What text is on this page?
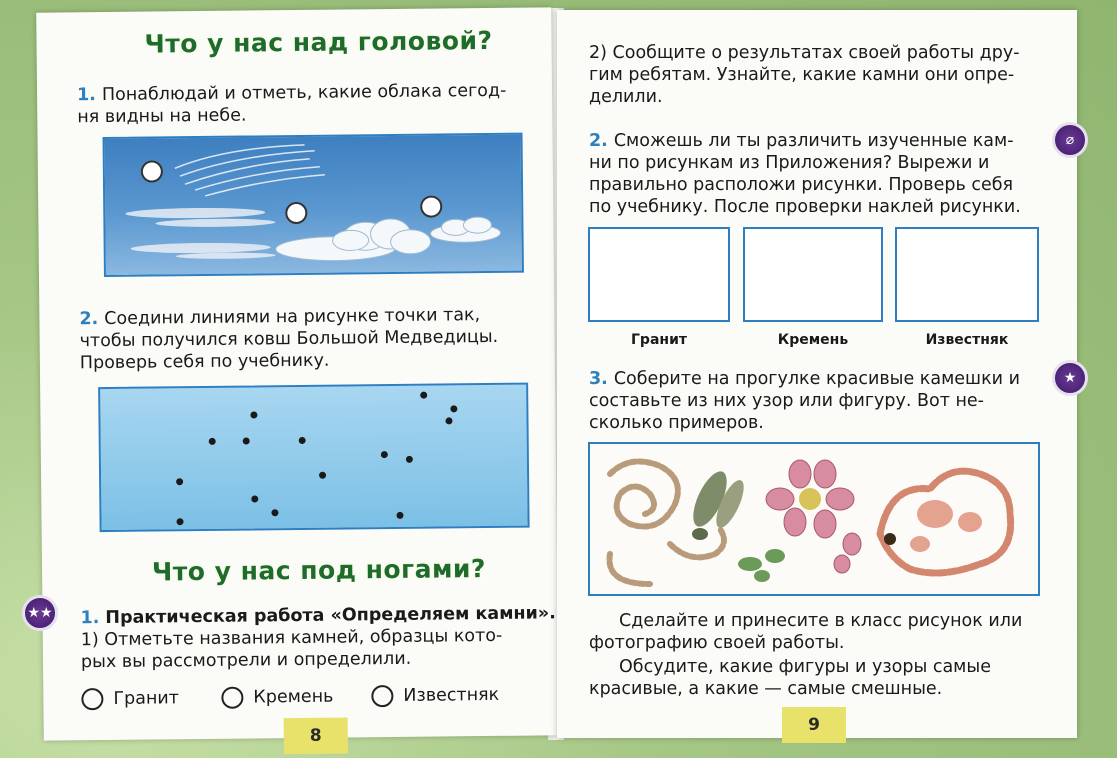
Что у нас над головой?
1. Понаблюдай и отметь, какие облака сегод-
ня видны на небе.
2. Соедини линиями на рисунке точки так,
чтобы получился ковш Большой Медведицы.
Проверь себя по учебнику.
Что у нас под ногами?
1. Практическая работа «Определяем камни».
1) Отметьте названия камней, образцы кото-
рых вы рассмотрели и определили.
Гранит	Кремень	Известняк
8
★★
2) Сообщите о результатах своей работы дру-
гим ребятам. Узнайте, какие камни они опре-
делили.
2. Сможешь ли ты различить изученные кам-
ни по рисункам из Приложения? Вырежи и
правильно расположи рисунки. Проверь себя
по учебнику. После проверки наклей рисунки.
Гранит	Кремень	Известняк
3. Соберите на прогулке красивые камешки и
составьте из них узор или фигуру. Вот не-
сколько примеров.
Сделайте и принесите в класс рисунок или
фотографию своей работы.
Обсудите, какие фигуры и узоры самые
красивые, а какие — самые смешные.
9
⌀
★
